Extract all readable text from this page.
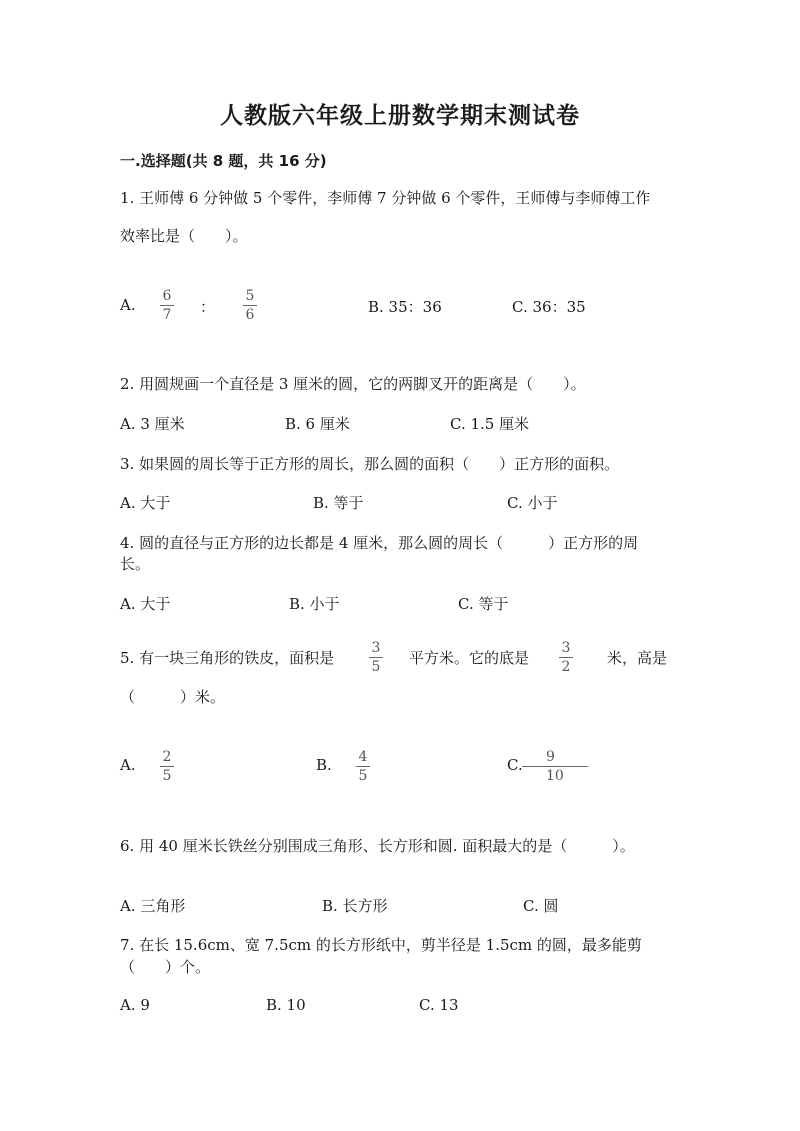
人教版六年级上册数学期末测试卷
一.选择题(共 8 题，共 16 分)
1. 王师傅 6 分钟做 5 个零件，李师傅 7 分钟做 6 个零件，王师傅与李师傅工作
效率比是（　　）。
A. 6
7 ：
5
6	B. 35：36	C. 36：35
2. 用圆规画一个直径是 3 厘米的圆，它的两脚叉开的距离是（　　）。
A. 3 厘米	B. 6 厘米	C. 1.5 厘米
3. 如果圆的周长等于正方形的周长，那么圆的面积（　　）正方形的面积。
A. 大于	B. 等于	C. 小于
4. 圆的直径与正方形的边长都是 4 厘米，那么圆的周长（　　　）正方形的周
长。
A. 大于	B. 小于	C. 等于
5. 有一块三角形的铁皮，面积是
3
5 平方米。它的底是
3
2 米，高是
（　　　）米。
A. 2
5
B. 4
5
C.	9
10
6. 用 40 厘米长铁丝分别围成三角形、长方形和圆. 面积最大的是（　　　）。
A. 三角形	B. 长方形	C. 圆
7. 在长 15.6cm、宽 7.5cm 的长方形纸中，剪半径是 1.5cm 的圆，最多能剪
（　　）个。
A. 9	B. 10	C. 13
